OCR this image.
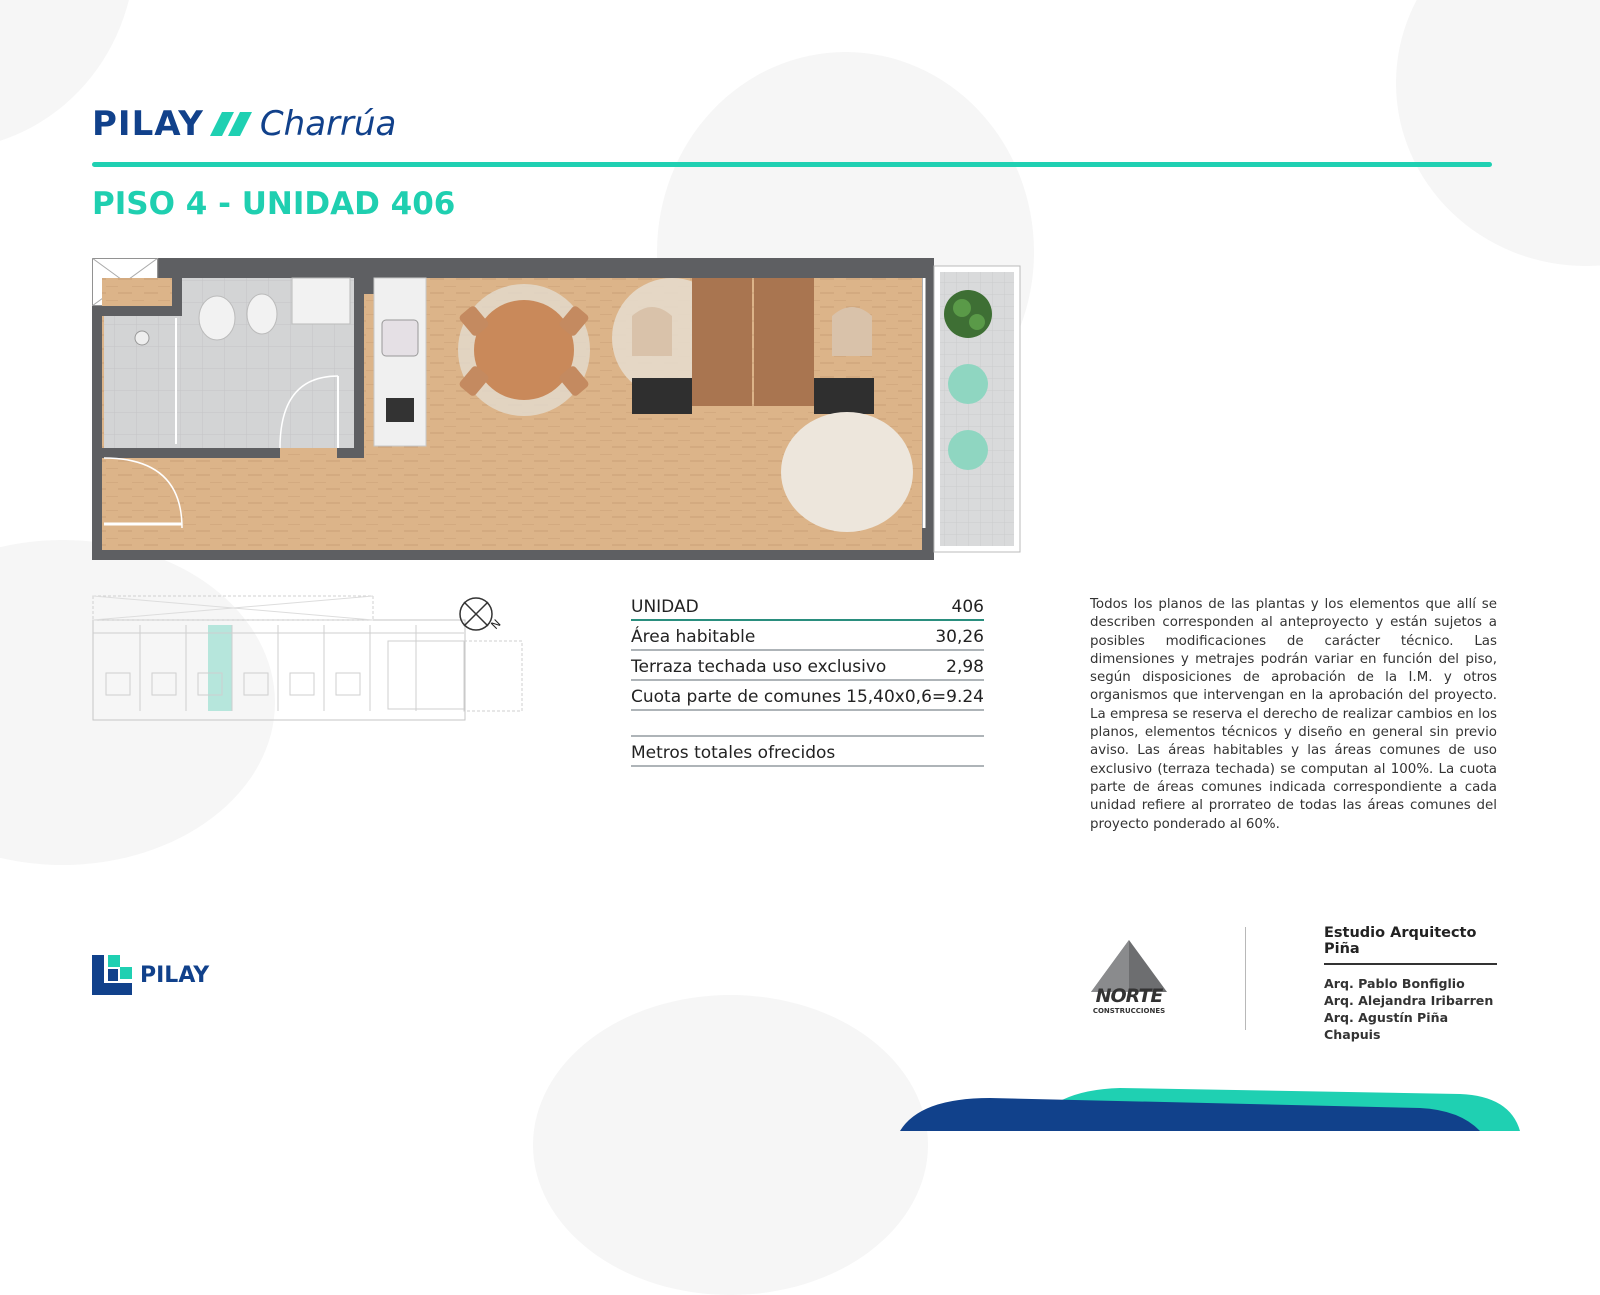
PILAY Charrúa
PISO 4 - UNIDAD 406
N
UNIDAD	406
Área habitable	30,26
Terraza techada uso exclusivo	2,98
Cuota parte de comunes 15,40x0,6=9.24
Metros totales ofrecidos
Todos los planos de las plantas y los elementos que allí se describen corresponden al anteproyecto y están sujetos a posibles modificaciones de carácter técnico. Las dimensiones y metrajes podrán variar en función del piso, según disposiciones de aprobación de la I.M. y otros organismos que intervengan en la aprobación del proyecto. La empresa se reserva el derecho de realizar cambios en los planos, elementos técnicos y diseño en general sin previo aviso. Las áreas habitables y las áreas comunes de uso exclusivo (terraza techada) se computan al 100%. La cuota parte de áreas comunes indicada correspondiente a cada unidad refiere al prorrateo de todas las áreas comunes del proyecto ponderado al 60%.
PILAY
NORTE
CONSTRUCCIONES
Estudio Arquitecto Piña
Arq. Pablo Bonfiglio
Arq. Alejandra Iribarren
Arq. Agustín Piña Chapuis
